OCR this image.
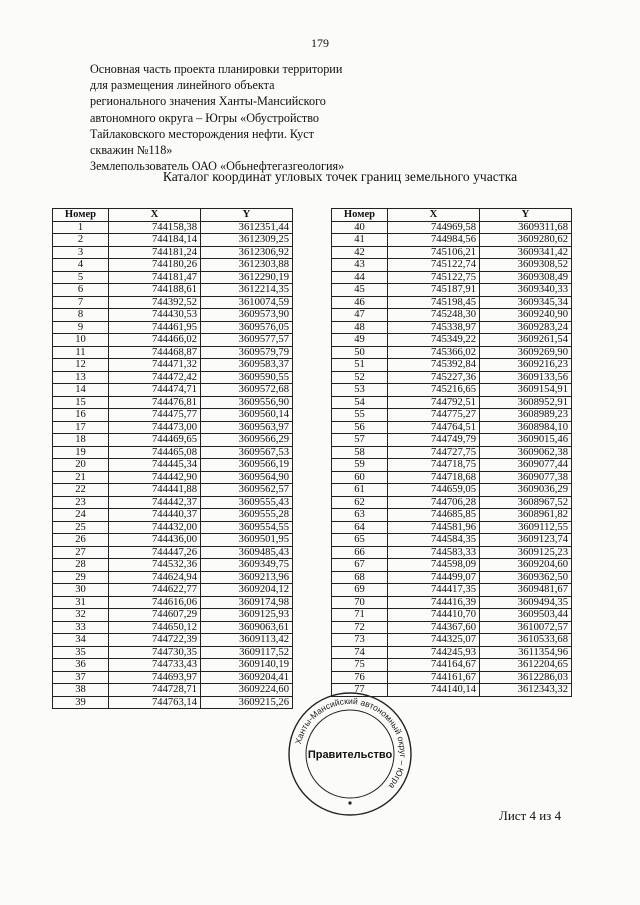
179
Основная часть проекта планировки территории
для размещения линейного объекта
регионального значения Ханты-Мансийского
автономного округа – Югры «Обустройство
Тайлаковского месторождения нефти. Куст
скважин №118»
Землепользователь ОАО «Обьнефтегазгеология»
Каталог координат угловых точек границ земельного участка
Номер	X	Y
1	744158,38	3612351,44
2	744184,14	3612309,25
3	744181,24	3612306,92
4	744180,26	3612303,88
5	744181,47	3612290,19
6	744188,61	3612214,35
7	744392,52	3610074,59
8	744430,53	3609573,90
9	744461,95	3609576,05
10	744466,02	3609577,57
11	744468,87	3609579,79
12	744471,32	3609583,37
13	744472,42	3609590,55
14	744474,71	3609572,68
15	744476,81	3609556,90
16	744475,77	3609560,14
17	744473,00	3609563,97
18	744469,65	3609566,29
19	744465,08	3609567,53
20	744445,34	3609566,19
21	744442,90	3609564,90
22	744441,88	3609562,57
23	744442,37	3609555,43
24	744440,37	3609555,28
25	744432,00	3609554,55
26	744436,00	3609501,95
27	744447,26	3609485,43
28	744532,36	3609349,75
29	744624,94	3609213,96
30	744622,77	3609204,12
31	744616,06	3609174,98
32	744607,29	3609125,93
33	744650,12	3609063,61
34	744722,39	3609113,42
35	744730,35	3609117,52
36	744733,43	3609140,19
37	744693,97	3609204,41
38	744728,71	3609224,60
39	744763,14	3609215,26
Номер	X	Y
40	744969,58	3609311,68
41	744984,56	3609280,62
42	745106,21	3609341,42
43	745122,74	3609308,52
44	745122,75	3609308,49
45	745187,91	3609340,33
46	745198,45	3609345,34
47	745248,30	3609240,90
48	745338,97	3609283,24
49	745349,22	3609261,54
50	745366,02	3609269,90
51	745392,84	3609216,23
52	745227,36	3609133,56
53	745216,65	3609154,91
54	744792,51	3608952,91
55	744775,27	3608989,23
56	744764,51	3608984,10
57	744749,79	3609015,46
58	744727,75	3609062,38
59	744718,75	3609077,44
60	744718,68	3609077,38
61	744659,05	3609036,29
62	744706,28	3608967,52
63	744685,85	3608961,82
64	744581,96	3609112,55
65	744584,35	3609123,74
66	744583,33	3609125,23
67	744598,09	3609204,60
68	744499,07	3609362,50
69	744417,35	3609481,67
70	744416,39	3609494,35
71	744410,70	3609503,44
72	744367,60	3610072,57
73	744325,07	3610533,68
74	744245,93	3611354,96
75	744164,67	3612204,65
76	744161,67	3612286,03
77	744140,14	3612343,32
Ханты-Мансийский автономный округ – Югра
Правительство
Лист 4 из 4
